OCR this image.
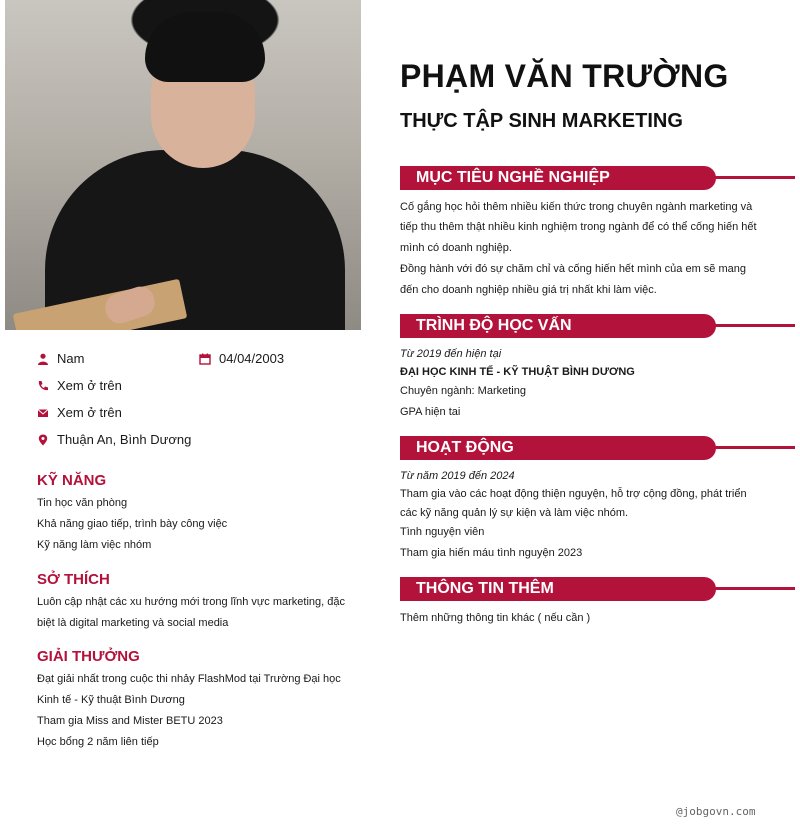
Nam	04/04/2003
Xem ở trên
Xem ở trên
Thuận An, Bình Dương
KỸ NĂNG
Tin học văn phòng
Khả năng giao tiếp, trình bày công việc
Kỹ năng làm việc nhóm
SỞ THÍCH
Luôn cập nhật các xu hướng mới trong lĩnh vực marketing, đặc
biệt là digital marketing và social media
GIẢI THƯỞNG
Đạt giải nhất trong cuộc thi nhảy FlashMod tại Trường Đại học
Kinh tế - Kỹ thuật Bình Dương
Tham gia Miss and Mister BETU 2023
Học bổng 2 năm liên tiếp
PHẠM VĂN TRƯỜNG
THỰC TẬP SINH MARKETING
MỤC TIÊU NGHỀ NGHIỆP
Cố gắng học hỏi thêm nhiều kiến thức trong chuyên ngành marketing và
tiếp thu thêm thật nhiều kinh nghiệm trong ngành để có thể cống hiến hết
mình có doanh nghiệp.
Đồng hành với đó sự chăm chỉ và cống hiến hết mình của em sẽ mang
đến cho doanh nghiệp nhiều giá trị nhất khi làm việc.
TRÌNH ĐỘ HỌC VẤN
Từ 2019 đến hiện tại
ĐẠI HỌC KINH TẾ - KỸ THUẬT BÌNH DƯƠNG
Chuyên ngành: Marketing
GPA hiện tai
HOẠT ĐỘNG
Từ năm 2019 đến 2024
Tham gia vào các hoạt động thiện nguyện, hỗ trợ cộng đồng, phát triển
các kỹ năng quản lý sự kiện và làm việc nhóm.
Tình nguyện viên
Tham gia hiến máu tình nguyện 2023
THÔNG TIN THÊM
Thêm những thông tin khác ( nếu cần )
@jobgovn.com
